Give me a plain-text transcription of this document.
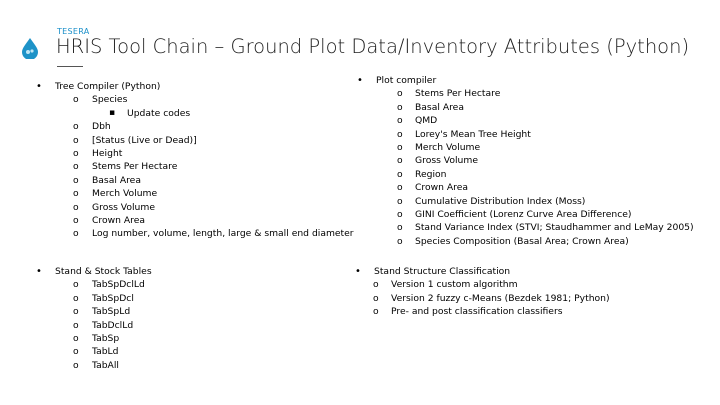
TESERA
HRIS Tool Chain – Ground Plot Data/Inventory Attributes (Python)
• Tree Compiler (Python)
o Species
▪ Update codes
o Dbh
o [Status (Live or Dead)]
o Height
o Stems Per Hectare
o Basal Area
o Merch Volume
o Gross Volume
o Crown Area
o Log number, volume, length, large & small end diameter
• Stand & Stock Tables
o TabSpDclLd
o TabSpDcl
o TabSpLd
o TabDclLd
o TabSp
o TabLd
o TabAll
• Plot compiler
o Stems Per Hectare
o Basal Area
o QMD
o Lorey's Mean Tree Height
o Merch Volume
o Gross Volume
o Region
o Crown Area
o Cumulative Distribution Index (Moss)
o GINI Coefficient (Lorenz Curve Area Difference)
o Stand Variance Index (STVI; Staudhammer and LeMay 2005)
o Species Composition (Basal Area; Crown Area)
• Stand Structure Classification
o Version 1 custom algorithm
o Version 2 fuzzy c-Means (Bezdek 1981; Python)
o Pre- and post classification classifiers
